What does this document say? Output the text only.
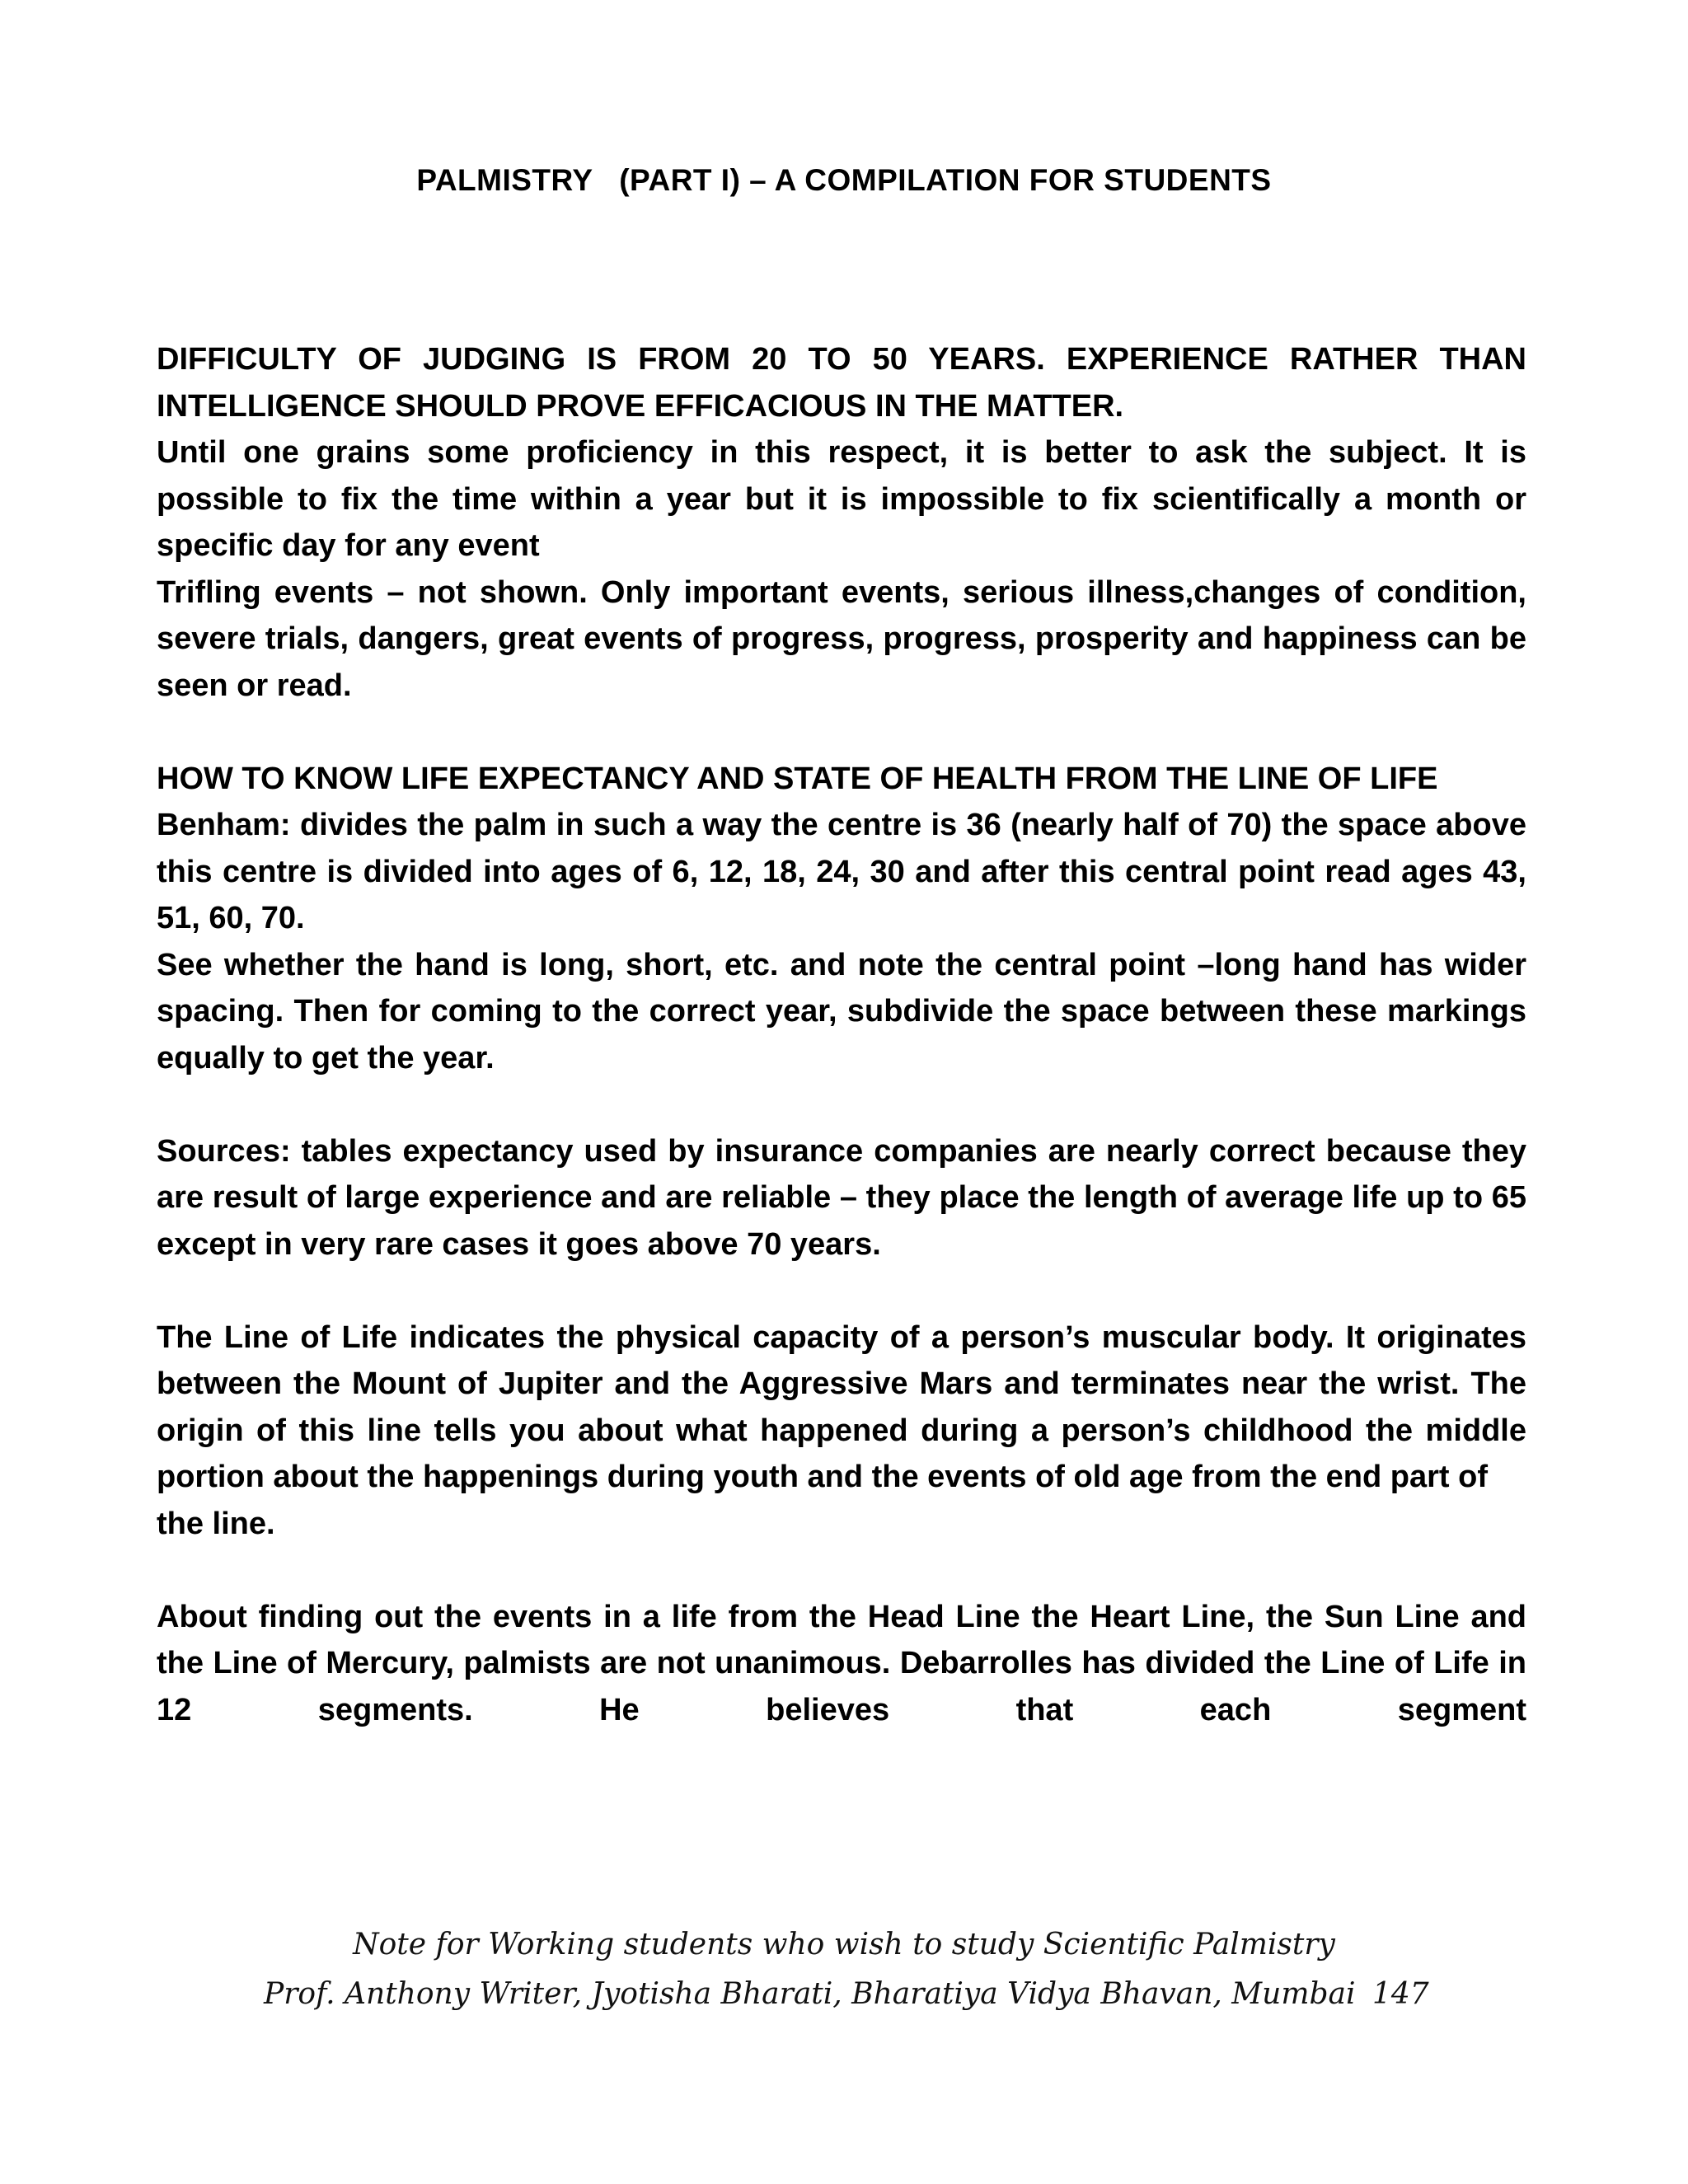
PALMISTRY   (PART I) – A COMPILATION FOR STUDENTS

DIFFICULTY OF JUDGING IS FROM 20 TO 50 YEARS. EXPERIENCE RATHER THAN INTELLIGENCE SHOULD PROVE EFFICACIOUS IN THE MATTER.

Until one grains some proficiency in this respect, it is better to ask the subject. It is possible to fix the time within a year but it is impossible to fix scientifically a month or specific day for any event

Trifling events – not shown. Only important events, serious illness,changes of condition, severe trials, dangers, great events of progress, progress, prosperity and happiness can be seen or read.

HOW TO KNOW LIFE EXPECTANCY AND STATE OF HEALTH FROM THE LINE OF LIFE

Benham: divides the palm in such a way the centre is 36 (nearly half of 70) the space above this centre is divided into ages of 6, 12, 18, 24, 30 and after this central point read ages 43, 51, 60, 70.

See whether the hand is long, short, etc. and note the central point –long hand has wider spacing. Then for coming to the correct year, subdivide the space between these markings equally to get the year.

Sources: tables expectancy used by insurance companies are nearly correct because they are result of large experience and are reliable – they place the length of average life up to 65 except in very rare cases it goes above 70 years.

The Line of Life indicates the physical capacity of a person’s muscular body. It originates between the Mount of Jupiter and the Aggressive Mars and terminates near the wrist. The origin of this line tells you about what happened during a person’s childhood the middle portion about the happenings during youth and the events of old age from the end part of

the line.

About finding out the events in a life from the Head Line the Heart Line, the Sun Line and the Line of Mercury, palmists are not unanimous. Debarrolles has divided the Line of Life in 12 segments. He believes that each segment

Note for Working students who wish to study Scientific Palmistry
Prof. Anthony Writer, Jyotisha Bharati, Bharatiya Vidya Bhavan, Mumbai 147
